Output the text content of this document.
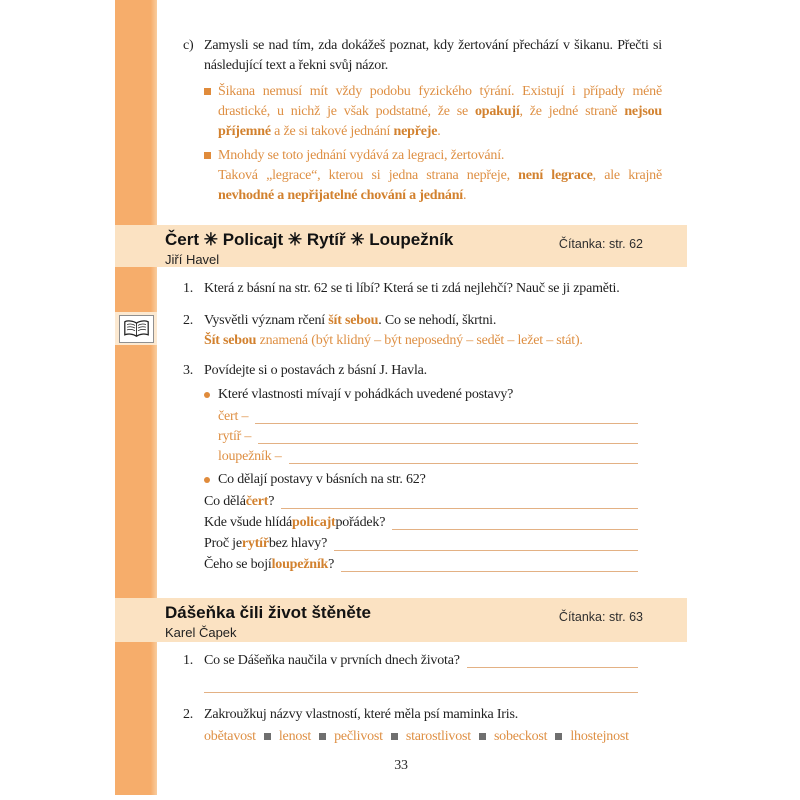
c) Zamysli se nad tím, zda dokážeš poznat, kdy žertování přechází v šikanu. Přečti si následující text a řekni svůj názor.
Šikana nemusí mít vždy podobu fyzického týrání. Existují i případy méně drastické, u nichž je však podstatné, že se opakují, že jedné straně nejsou příjemné a že si takové jednání nepřeje.
Mnohdy se toto jednání vydává za legraci, žertování.
Taková „legrace“, kterou si jedna strana nepřeje, není legrace, ale krajně nevhodné a nepřijatelné chování a jednání.
Čert ✳ Policajt ✳ Rytíř ✳ Loupežník
Jiří Havel
Čítanka: str. 62
1. Která z básní na str. 62 se ti líbí? Která se ti zdá nejlehčí? Nauč se ji zpaměti.
2. Vysvětli význam rčení šít sebou. Co se nehodí, škrtni.
Šít sebou znamená (být klidný – být neposedný – sedět – ležet – stát).
3. Povídejte si o postavách z básní J. Havla.
Které vlastnosti mívají v pohádkách uvedené postavy?
čert –
rytíř –
loupežník –
Co dělají postavy v básních na str. 62?
Co dělá čert ?
Kde všude hlídá policajt pořádek?
Proč je rytíř bez hlavy?
Čeho se bojí loupežník ?
Dášeňka čili život štěněte
Karel Čapek
Čítanka: str. 63
1. Co se Dášeňka naučila v prvních dnech života?
2. Zakroužkuj názvy vlastností, které měla psí maminka Iris.
obětavost lenost pečlivost starostlivost sobeckost lhostejnost
33
